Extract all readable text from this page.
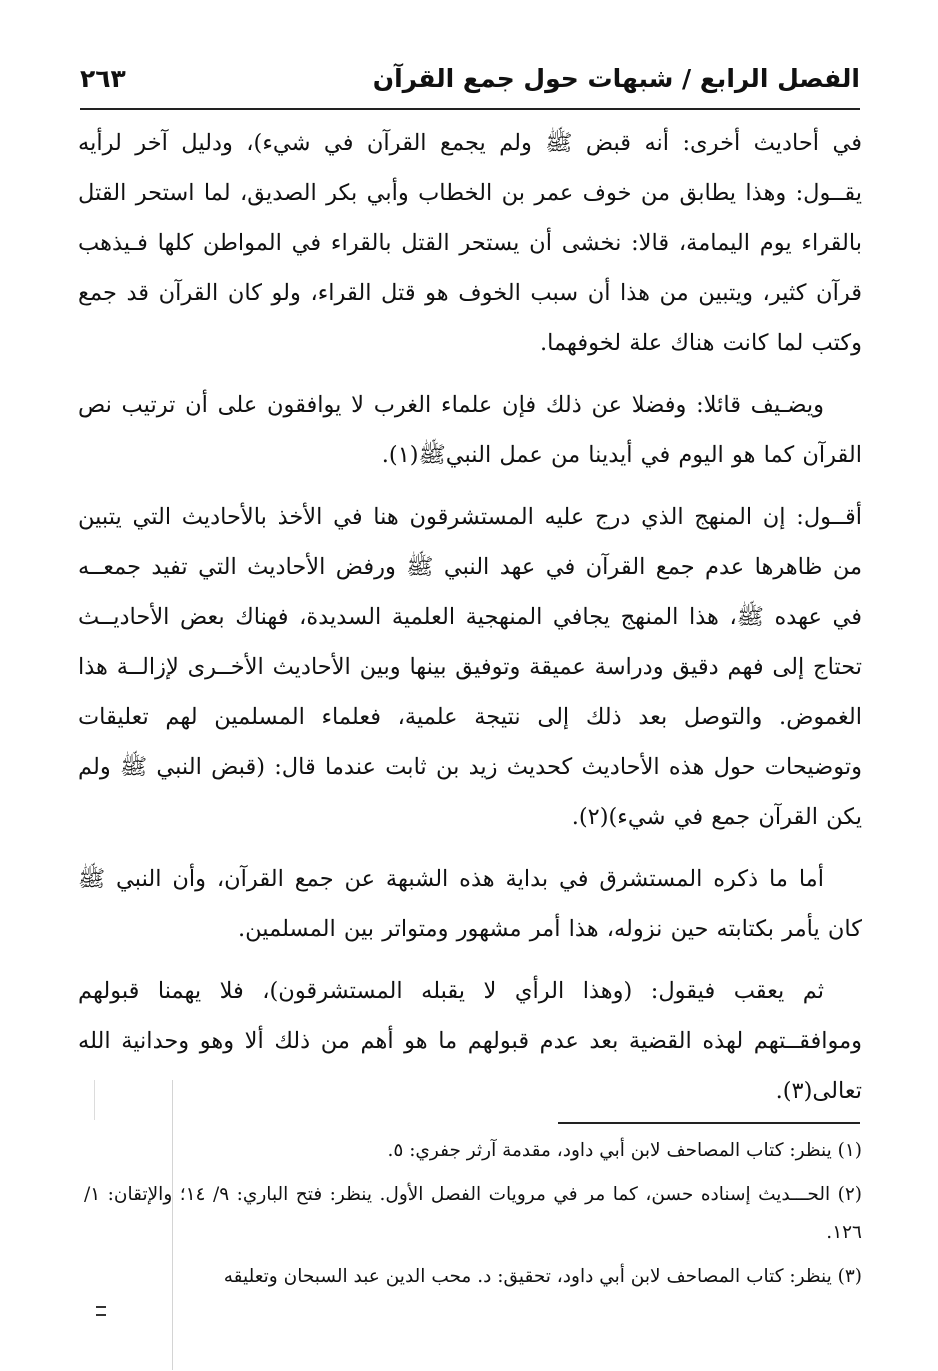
الفصل الرابع / شبهات حول جمع القرآن
٢٦٣

في أحاديث أخرى: أنه قبض ﷺ ولم يجمع القرآن في شيء)، ودليل آخر لرأيه يقــول: وهذا يطابق من خوف عمر بن الخطاب وأبي بكر الصديق، لما استحر القتل بالقراء يوم اليمامة، قالا: نخشى أن يستحر القتل بالقراء في المواطن كلها فـيذهب قرآن كثير، ويتبين من هذا أن سبب الخوف هو قتل القراء، ولو كان القرآن قد جمع وكتب لما كانت هناك علة لخوفهما.

ويضـيف قائلا: وفضلا عن ذلك فإن علماء الغرب لا يوافقون على أن ترتيب نص القرآن كما هو اليوم في أيدينا من عمل النبيﷺ(١).

أقــول: إن المنهج الذي درج عليه المستشرقون هنا في الأخذ بالأحاديث التي يتبين من ظاهرها عدم جمع القرآن في عهد النبي ﷺ ورفض الأحاديث التي تفيد جمعــه في عهده ﷺ، هذا المنهج يجافي المنهجية العلمية السديدة، فهناك بعض الأحاديــث تحتاج إلى فهم دقيق ودراسة عميقة وتوفيق بينها وبين الأحاديث الأخــرى لإزالــة هذا الغموض. والتوصل بعد ذلك إلى نتيجة علمية، فعلماء المسلمين لهم تعليقات وتوضيحات حول هذه الأحاديث كحديث زيد بن ثابت عندما قال: (قبض النبي ﷺ ولم يكن القرآن جمع في شيء)(٢).

أما ما ذكره المستشرق في بداية هذه الشبهة عن جمع القرآن، وأن النبي ﷺ كان يأمر بكتابته حين نزوله، هذا أمر مشهور ومتواتر بين المسلمين.

ثم يعقب فيقول: (وهذا الرأي لا يقبله المستشرقون)، فلا يهمنا قبولهم وموافقــتهم لهذه القضية بعد عدم قبولهم ما هو أهم من ذلك ألا وهو وحدانية الله تعالى(٣).

(١) ينظر: كتاب المصاحف لابن أبي داود، مقدمة آرثر جفري: ٥.

(٢) الحـــديث إسناده حسن، كما مر في مرويات الفصل الأول. ينظر: فتح الباري: ٩/ ١٤؛ والإتقان: ١/ ١٢٦.

(٣) ينظر: كتاب المصاحف لابن أبي داود، تحقيق: د. محب الدين عبد السبحان وتعليقه
